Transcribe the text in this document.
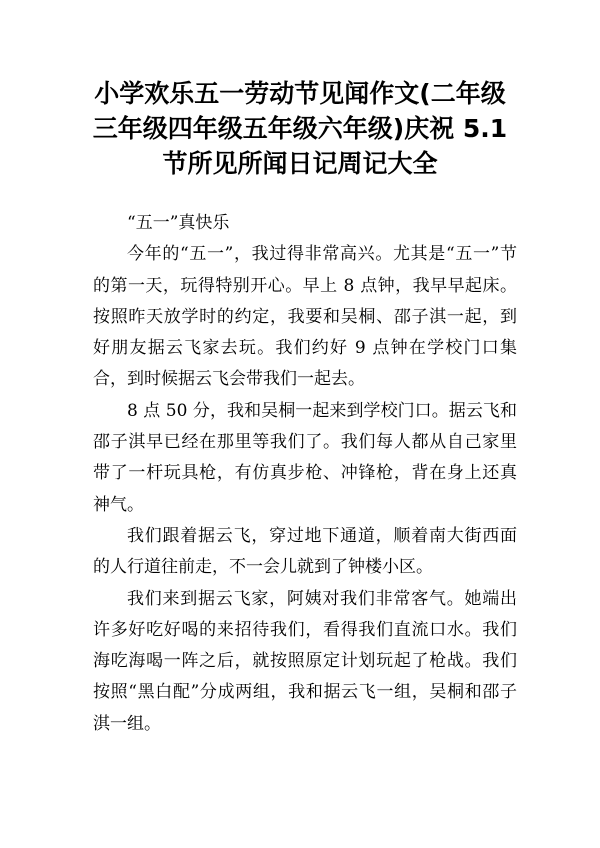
小学欢乐五一劳动节见闻作文(二年级
三年级四年级五年级六年级)庆祝 5.1
节所见所闻日记周记大全

“五一”真快乐

今年的“五一”，我过得非常高兴。尤其是“五一”节的第一天，玩得特别开心。早上 8 点钟，我早早起床。按照昨天放学时的约定，我要和吴桐、邵子淇一起，到好朋友据云飞家去玩。我们约好 9 点钟在学校门口集合，到时候据云飞会带我们一起去。

8 点 50 分，我和吴桐一起来到学校门口。据云飞和邵子淇早已经在那里等我们了。我们每人都从自己家里带了一杆玩具枪，有仿真步枪、冲锋枪，背在身上还真神气。

我们跟着据云飞，穿过地下通道，顺着南大街西面的人行道往前走，不一会儿就到了钟楼小区。

我们来到据云飞家，阿姨对我们非常客气。她端出许多好吃好喝的来招待我们，看得我们直流口水。我们海吃海喝一阵之后，就按照原定计划玩起了枪战。我们按照“黑白配”分成两组，我和据云飞一组，吴桐和邵子淇一组。
